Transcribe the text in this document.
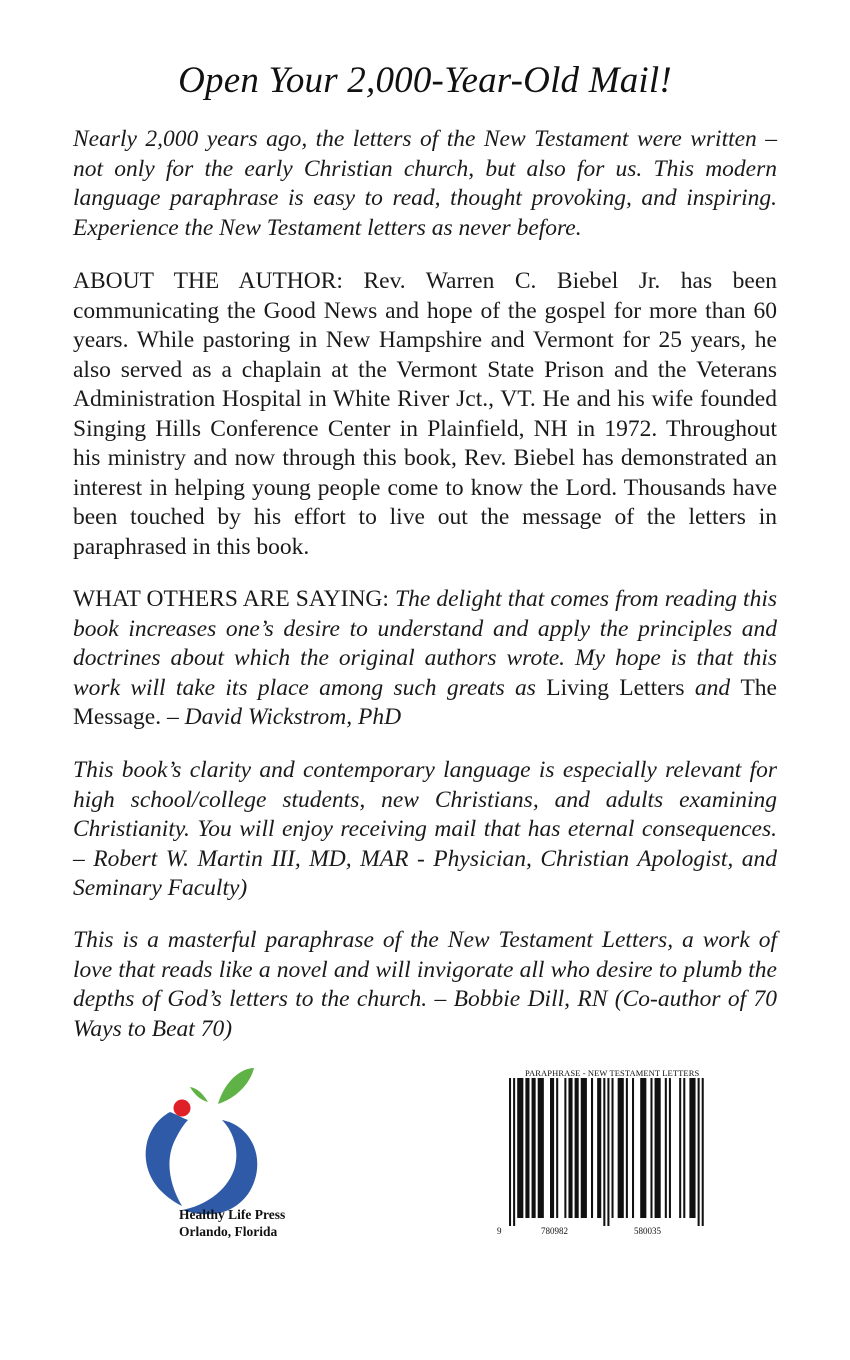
Open Your 2,000-Year-Old Mail!

Nearly 2,000 years ago, the letters of the New Testament were written – not only for the early Christian church, but also for us. This modern language paraphrase is easy to read, thought provoking, and inspiring. Experience the New Testament letters as never before.

ABOUT THE AUTHOR: Rev. Warren C. Biebel Jr. has been communicating the Good News and hope of the gospel for more than 60 years. While pastoring in New Hampshire and Vermont for 25 years, he also served as a chaplain at the Vermont State Prison and the Veterans Administration Hospital in White River Jct., VT. He and his wife founded Singing Hills Conference Center in Plainfield, NH in 1972. Throughout his ministry and now through this book, Rev. Biebel has demonstrated an interest in helping young people come to know the Lord. Thousands have been touched by his effort to live out the message of the letters in paraphrased in this book.

WHAT OTHERS ARE SAYING: The delight that comes from reading this book increases one’s desire to understand and apply the principles and doctrines about which the original authors wrote. My hope is that this work will take its place among such greats as Living Letters and The Message. – David Wickstrom, PhD

This book’s clarity and contemporary language is especially relevant for high school/college students, new Christians, and adults examining Christianity. You will enjoy receiving mail that has eternal consequences. – Robert W. Martin III, MD, MAR - Physician, Christian Apologist, and Seminary Faculty)

This is a masterful paraphrase of the New Testament Letters, a work of love that reads like a novel and will invigorate all who desire to plumb the depths of God’s letters to the church. – Bobbie Dill, RN (Co-author of 70 Ways to Beat 70)

Healthy Life Press
Orlando, Florida
PARAPHRASE - NEW TESTAMENT LETTERS
9	780982	580035
